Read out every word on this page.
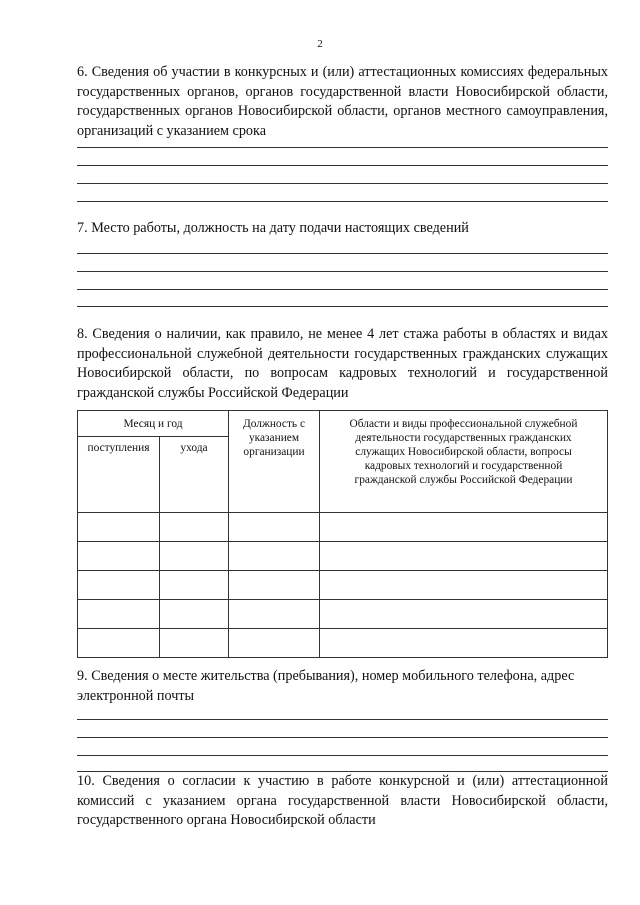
2
6. Сведения об участии в конкурсных и (или) аттестационных комиссиях федеральных государственных органов, органов государственной власти Новосибирской области, государственных органов Новосибирской области, органов местного самоуправления, организаций с указанием срока
7. Место работы, должность на дату подачи настоящих сведений
8. Сведения о наличии, как правило, не менее 4 лет стажа работы в областях и видах профессиональной служебной деятельности государственных гражданских служащих Новосибирской области, по вопросам кадровых технологий и государственной гражданской службы Российской Федерации
Месяц и год		Должность с указанием организации	Области и виды профессиональной служебной деятельности государственных гражданских служащих Новосибирской области, вопросы кадровых технологий и государственной гражданской службы Российской Федерации

поступления	ухода		

9. Сведения о месте жительства (пребывания), номер мобильного телефона, адрес электронной почты
10. Сведения о согласии к участию в работе конкурсной и (или) аттестационной комиссий с указанием органа государственной власти Новосибирской области, государственного органа Новосибирской области
